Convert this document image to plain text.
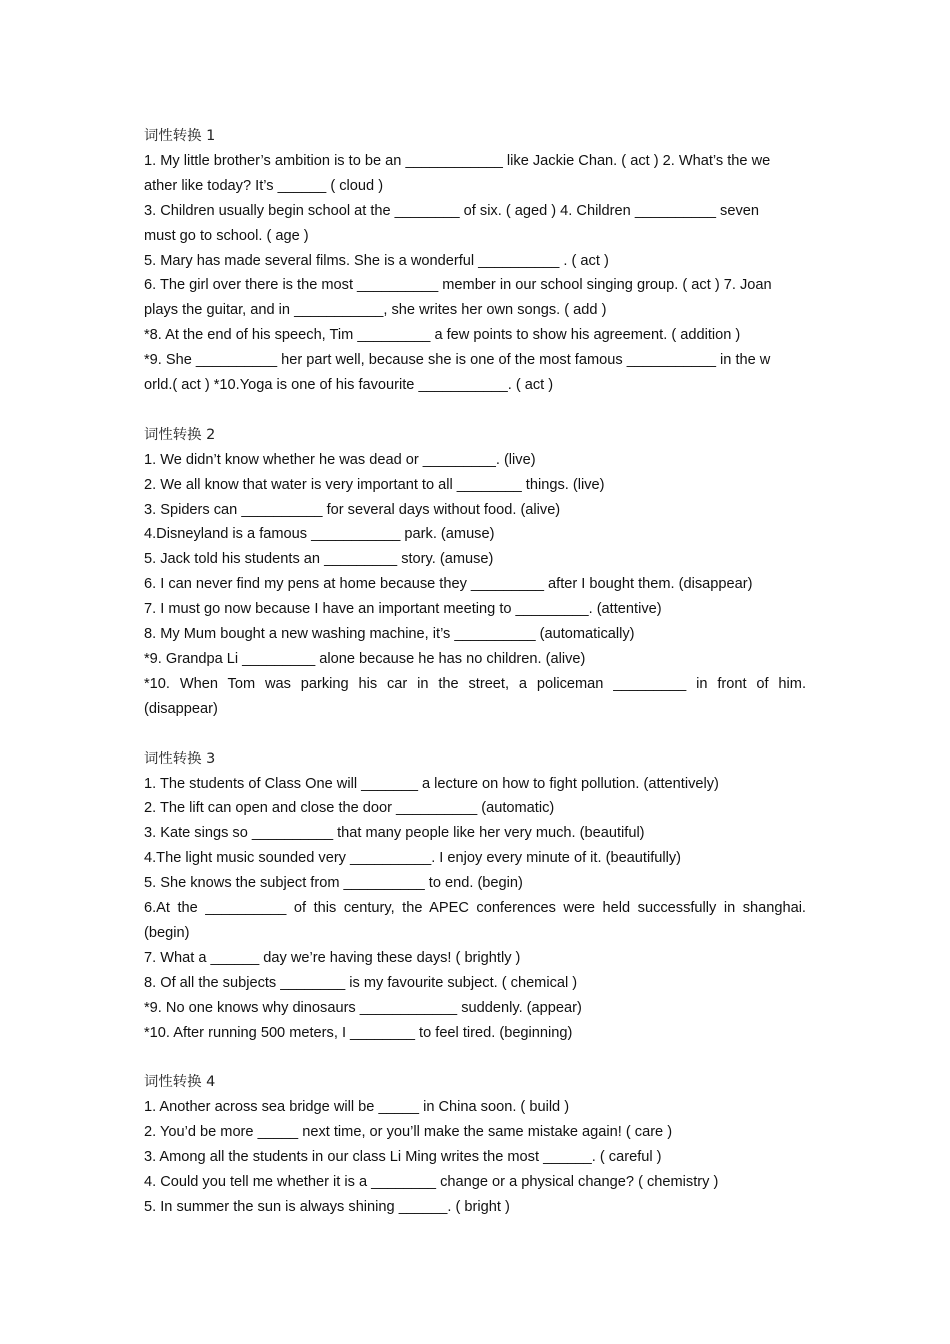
词性转换 1
1. My little brother’s ambition is to be an ____________ like Jackie Chan. ( act ) 2. What’s the we
ather like today? It’s ______ ( cloud )
3. Children usually begin school at the ________ of six. ( aged ) 4. Children __________ seven
must go to school. ( age )
5. Mary has made several films. She is a wonderful __________ . ( act )
6. The girl over there is the most __________ member in our school singing group. ( act ) 7. Joan
plays the guitar, and in ___________, she writes her own songs. ( add )
*8. At the end of his speech, Tim _________ a few points to show his agreement. ( addition )
*9. She __________ her part well, because she is one of the most famous ___________ in the w
orld.( act ) *10.Yoga is one of his favourite ___________. ( act )
词性转换 2
1. We didn’t know whether he was dead or _________. (live)
2. We all know that water is very important to all ________ things. (live)
3. Spiders can __________ for several days without food. (alive)
4.Disneyland is a famous ___________ park. (amuse)
5. Jack told his students an _________ story. (amuse)
6. I can never find my pens at home because they _________ after I bought them. (disappear)
7. I must go now because I have an important meeting to _________. (attentive)
8. My Mum bought a new washing machine, it’s __________ (automatically)
*9. Grandpa Li _________ alone because he has no children. (alive)
*10. When Tom was parking his car in the street, a policeman _________ in front of him.
(disappear)
词性转换 3
1. The students of Class One will _______ a lecture on how to fight pollution. (attentively)
2. The lift can open and close the door __________ (automatic)
3. Kate sings so __________ that many people like her very much. (beautiful)
4.The light music sounded very __________. I enjoy every minute of it. (beautifully)
5. She knows the subject from __________ to end. (begin)
6.At the __________ of this century, the APEC conferences were held successfully in shanghai.
(begin)
7. What a ______ day we’re having these days! ( brightly )
8. Of all the subjects ________ is my favourite subject. ( chemical )
*9. No one knows why dinosaurs ____________ suddenly. (appear)
*10. After running 500 meters, I ________ to feel tired. (beginning)
词性转换 4
1. Another across sea bridge will be _____ in China soon. ( build )
2. You’d be more _____ next time, or you’ll make the same mistake again! ( care )
3. Among all the students in our class Li Ming writes the most ______. ( careful )
4. Could you tell me whether it is a ________ change or a physical change? ( chemistry )
5. In summer the sun is always shining ______. ( bright )
